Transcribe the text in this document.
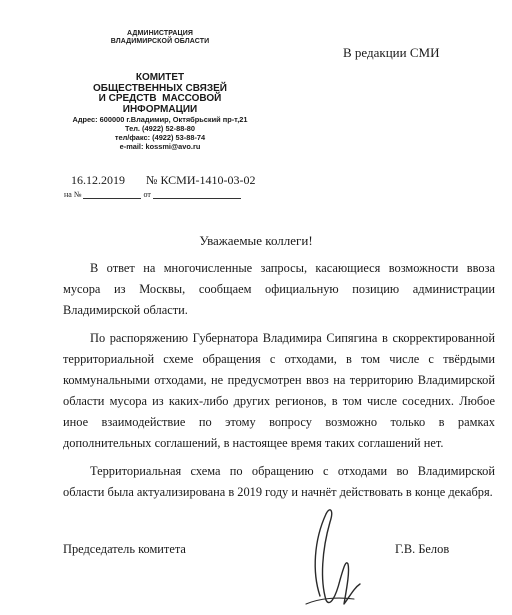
АДМИНИСТРАЦИЯ
ВЛАДИМИРСКОЙ ОБЛАСТИ
КОМИТЕТ
ОБЩЕСТВЕННЫХ СВЯЗЕЙ
И СРЕДСТВ  МАССОВОЙ
ИНФОРМАЦИИ
Адрес: 600000 г.Владимир, Октябрьский пр-т,21
Тел. (4922) 52-88-80
тел/факс: (4922) 53-88-74
e-mail: kossmi@avo.ru
В редакции СМИ
16.12.2019 № КСМИ-1410-03-02
на №	от
Уважаемые коллеги!

В ответ на многочисленные запросы, касающиеся возможности ввоза мусора из Москвы, сообщаем официальную позицию администрации Владимирской области.

По распоряжению Губернатора Владимира Сипягина в скорректированной территориальной схеме обращения с отходами, в том числе с твёрдыми коммунальными отходами, не предусмотрен ввоз на территорию Владимирской области мусора из каких-либо других регионов, в том числе соседних. Любое иное взаимодействие по этому вопросу возможно только в рамках дополнительных соглашений, в настоящее время таких соглашений нет.

Территориальная схема по обращению с отходами во Владимирской области была актуализирована в 2019 году и начнёт действовать в конце декабря.

Председатель комитета	Г.В. Белов
